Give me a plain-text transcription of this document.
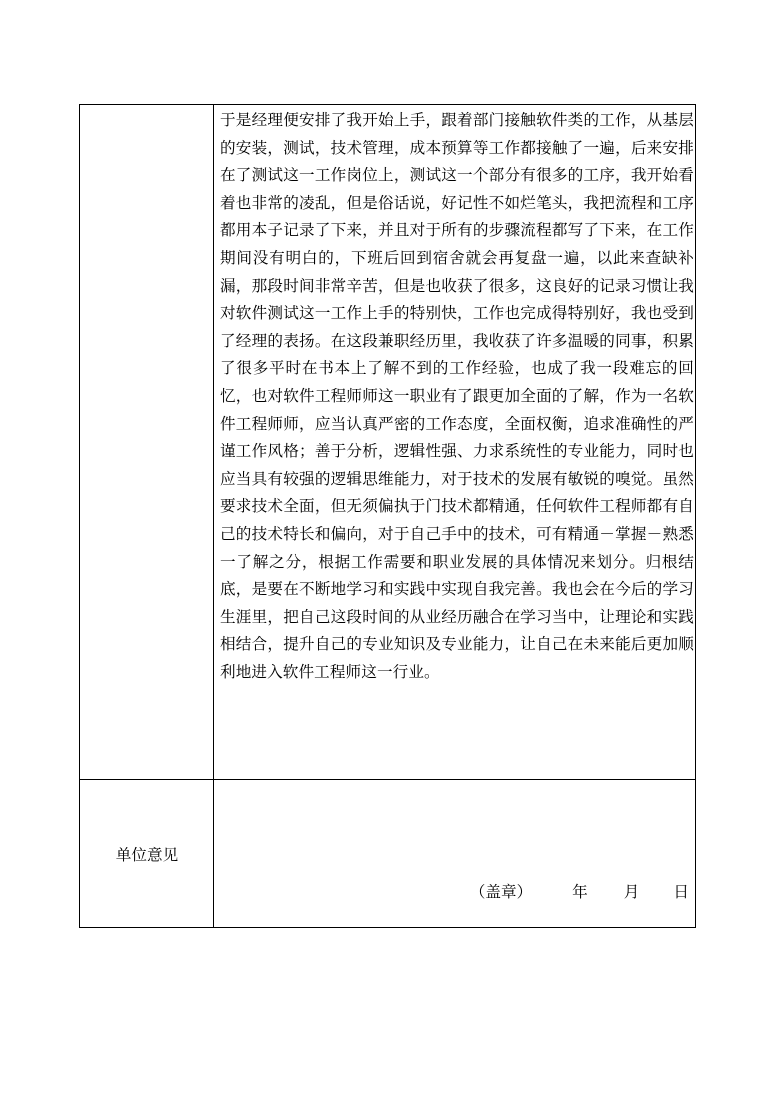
于是经理便安排了我开始上手，跟着部门接触软件类的工作，从基层的安装，测试，技术管理，成本预算等工作都接触了一遍，后来安排在了测试这一工作岗位上，测试这一个部分有很多的工序，我开始看着也非常的凌乱，但是俗话说，好记性不如烂笔头，我把流程和工序都用本子记录了下来，并且对于所有的步骤流程都写了下来，在工作期间没有明白的，下班后回到宿舍就会再复盘一遍，以此来查缺补漏，那段时间非常辛苦，但是也收获了很多，这良好的记录习惯让我对软件测试这一工作上手的特别快，工作也完成得特别好，我也受到了经理的表扬。在这段兼职经历里，我收获了许多温暖的同事，积累了很多平时在书本上了解不到的工作经验，也成了我一段难忘的回忆，也对软件工程师师这一职业有了跟更加全面的了解，作为一名软件工程师师，应当认真严密的工作态度，全面权衡，追求准确性的严谨工作风格；善于分析，逻辑性强、力求系统性的专业能力，同时也应当具有较强的逻辑思维能力，对于技术的发展有敏锐的嗅觉。虽然要求技术全面，但无须偏执于门技术都精通，任何软件工程师都有自己的技术特长和偏向，对于自己手中的技术，可有精通－掌握－熟悉一了解之分，根据工作需要和职业发展的具体情况来划分。归根结底，是要在不断地学习和实践中实现自我完善。我也会在今后的学习生涯里，把自己这段时间的从业经历融合在学习当中，让理论和实践相结合，提升自己的专业知识及专业能力，让自己在未来能后更加顺利地进入软件工程师这一行业。

单位意见
（盖章）	年 月 日
